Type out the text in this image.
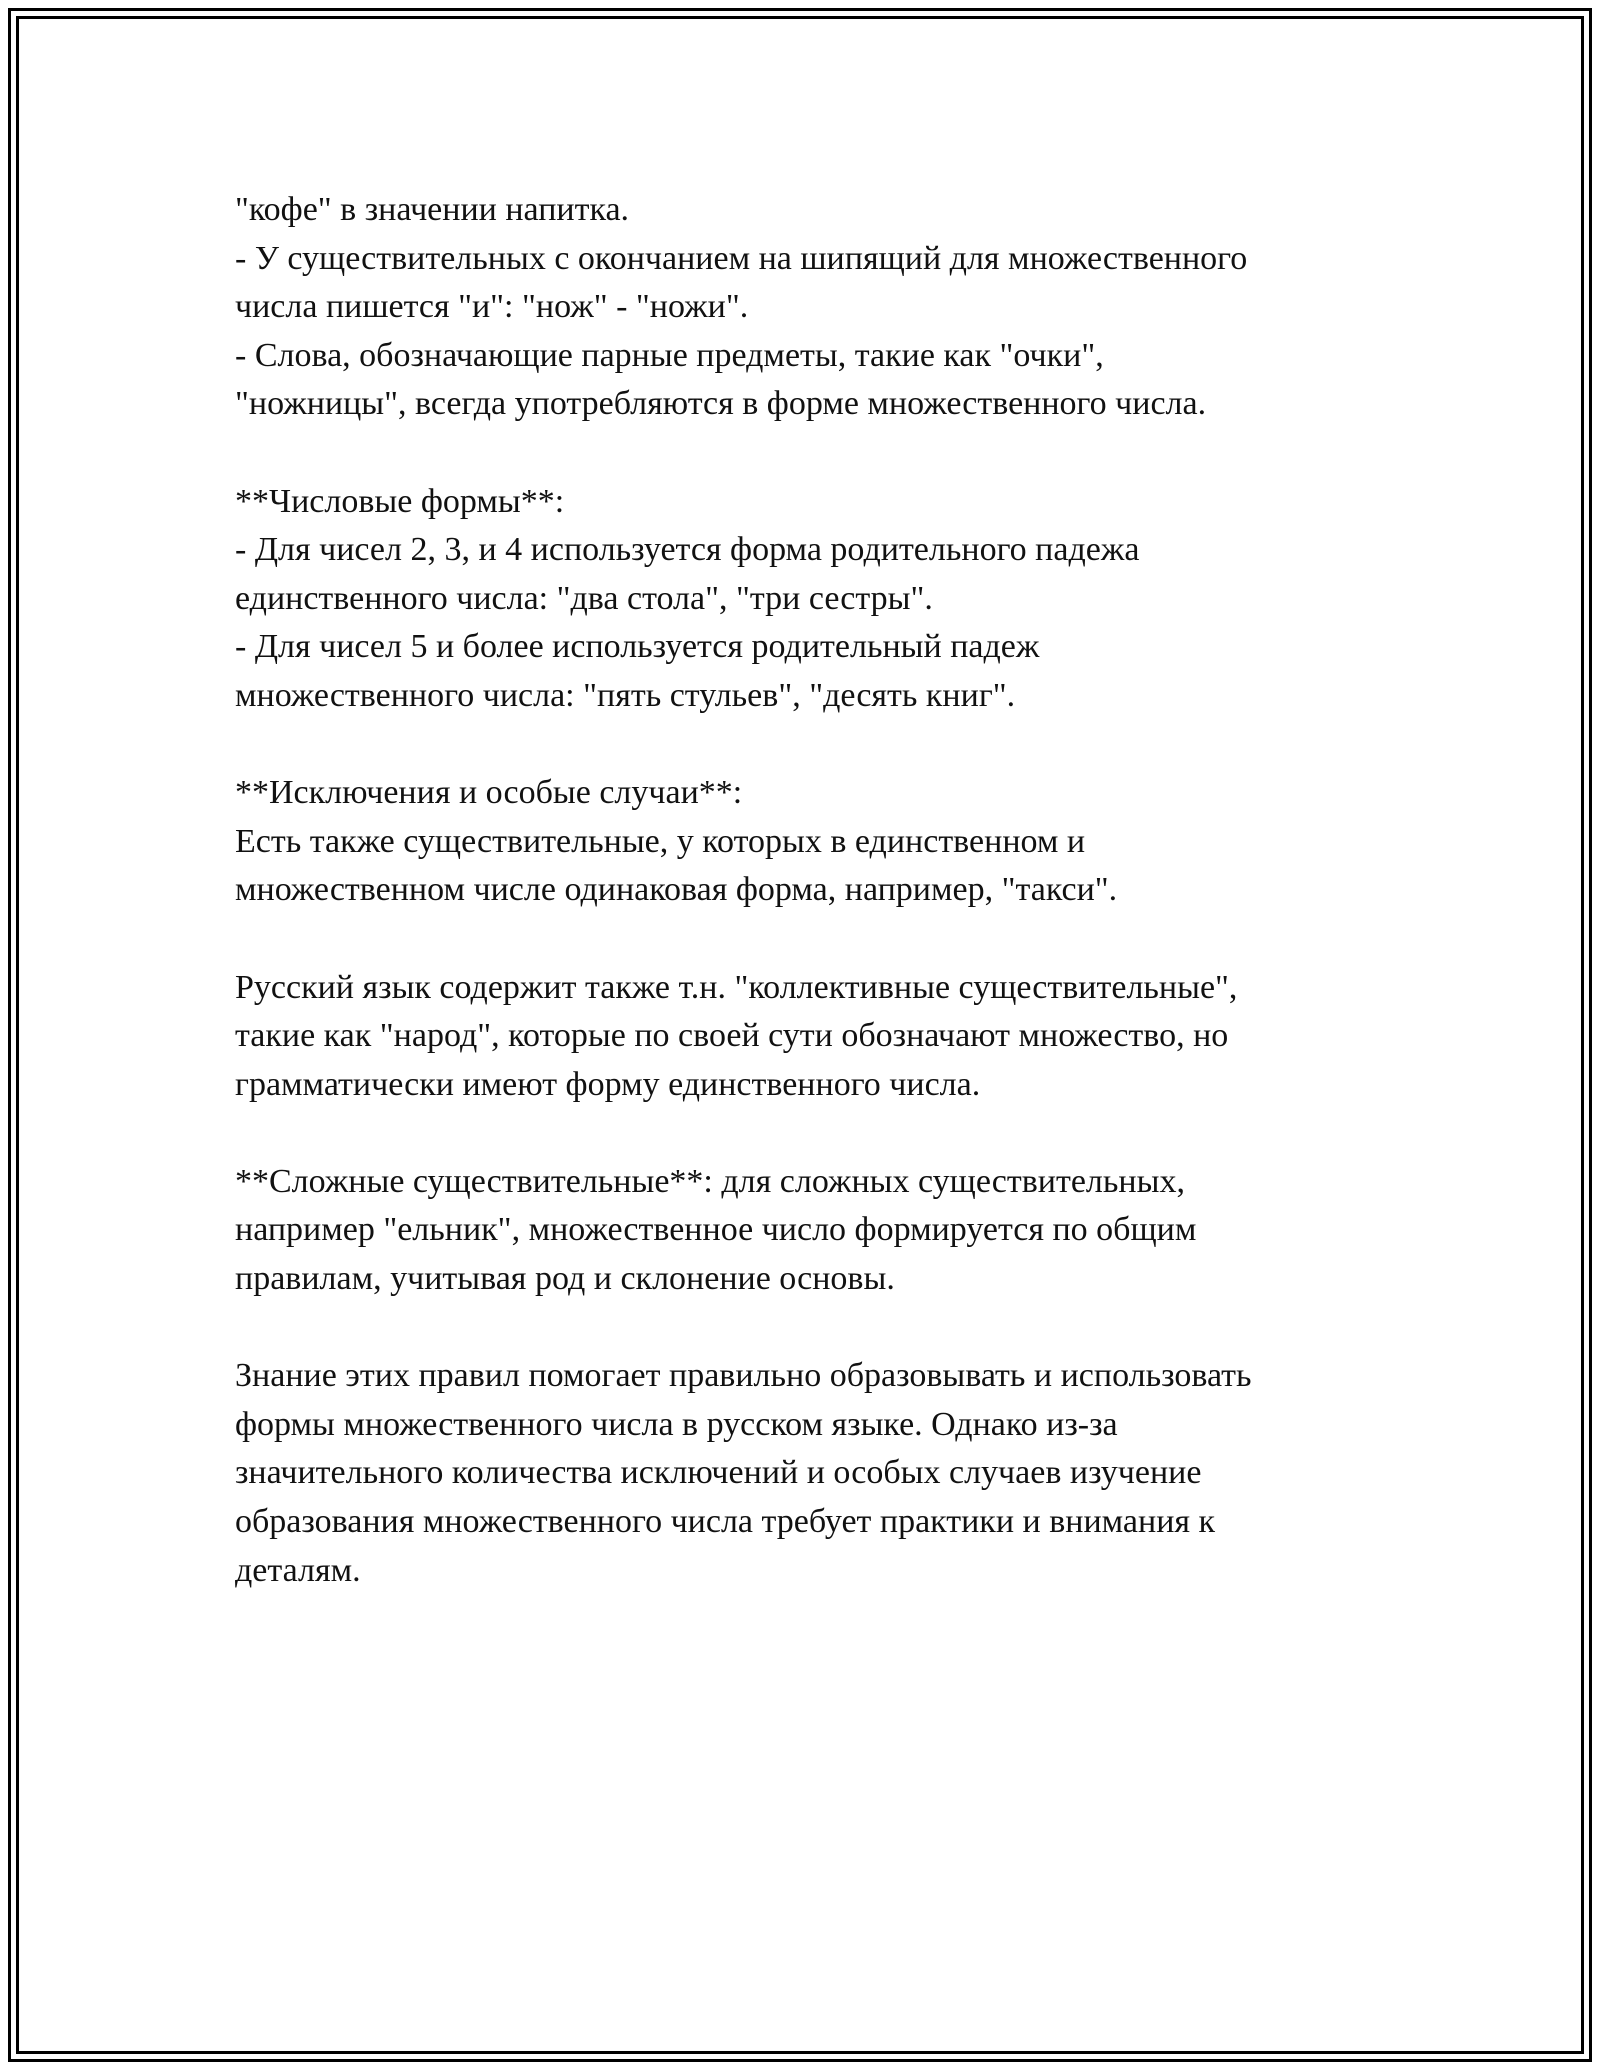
"кофе" в значении напитка.
- У существительных с окончанием на шипящий для множественного
числа пишется "и": "нож" - "ножи".
- Слова, обозначающие парные предметы, такие как "очки",
"ножницы", всегда употребляются в форме множественного числа.

**Числовые формы**:
- Для чисел 2, 3, и 4 используется форма родительного падежа
единственного числа: "два стола", "три сестры".
- Для чисел 5 и более используется родительный падеж
множественного числа: "пять стульев", "десять книг".

**Исключения и особые случаи**:
Есть также существительные, у которых в единственном и
множественном числе одинаковая форма, например, "такси".

Русский язык содержит также т.н. "коллективные существительные",
такие как "народ", которые по своей сути обозначают множество, но
грамматически имеют форму единственного числа.

**Сложные существительные**: для сложных существительных,
например "ельник", множественное число формируется по общим
правилам, учитывая род и склонение основы.

Знание этих правил помогает правильно образовывать и использовать
формы множественного числа в русском языке. Однако из-за
значительного количества исключений и особых случаев изучение
образования множественного числа требует практики и внимания к
деталям.
